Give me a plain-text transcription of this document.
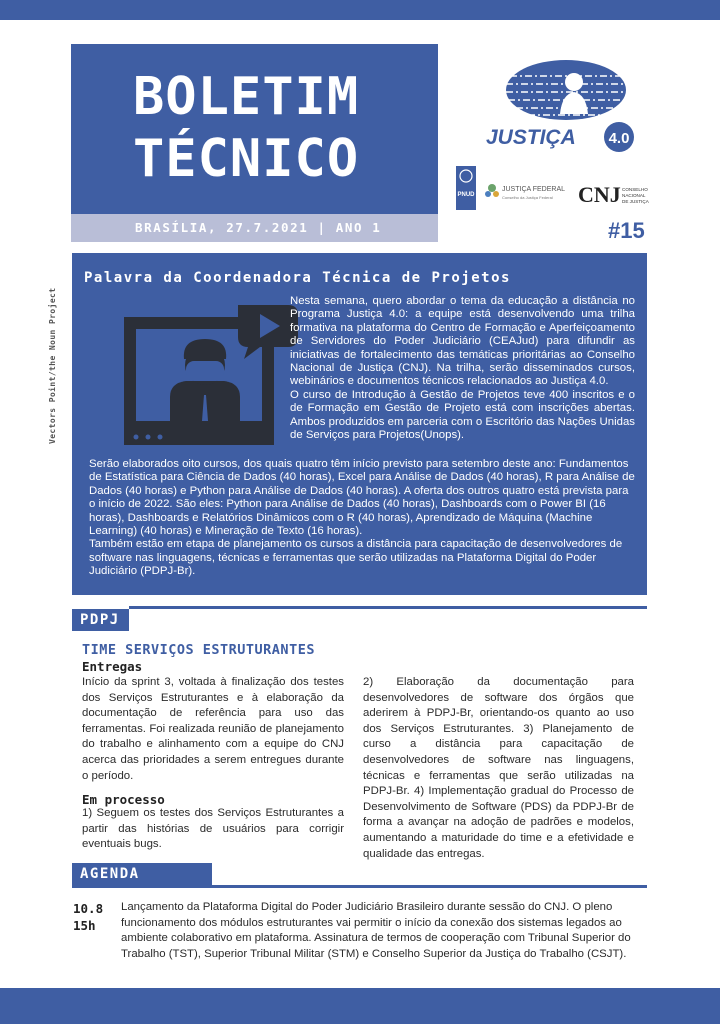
BOLETIM
TÉCNICO
BRASÍLIA, 27.7.2021 | ANO 1
JUSTIÇA 4.0
PNUD
JUSTIÇA FEDERAL
Conselho da Justiça Federal CNJ CONSELHO
NACIONAL
DE JUSTIÇA
#15
Vectors Point/the Noun Project
Palavra da Coordenadora Técnica de Projetos
Nesta semana, quero abordar o tema da educação a distância no Programa Justiça 4.0: a equipe está desenvolvendo uma trilha formativa na plataforma do Centro de Formação e Aperfeiçoamento de Servidores do Poder Judiciário (CEAJud) para difundir as iniciativas de fortalecimento das temáticas prioritárias ao Conselho Nacional de Justiça (CNJ). Na trilha, serão disseminados cursos, webinários e documentos técnicos relacionados ao Justiça 4.0.
O curso de Introdução à Gestão de Projetos teve 400 inscritos e o de Formação em Gestão de Projeto está com inscrições abertas. Ambos produzidos em parceria com o Escritório das Nações Unidas de Serviços para Projetos(Unops).
Serão elaborados oito cursos, dos quais quatro têm início previsto para setembro deste ano: Fundamentos de Estatística para Ciência de Dados (40 horas), Excel para Análise de Dados (40 horas), R para Análise de Dados (40 horas) e Python para Análise de Dados (40 horas). A oferta dos outros quatro está prevista para o início de 2022. São eles: Python para Análise de Dados (40 horas), Dashboards com o Power BI (16 horas), Dashboards e Relatórios Dinâmicos com o R (40 horas), Aprendizado de Máquina (Machine Learning) (40 horas) e Mineração de Texto (16 horas).
Também estão em etapa de planejamento os cursos a distância para capacitação de desenvolvedores de software nas linguagens, técnicas e ferramentas que serão utilizadas na Plataforma Digital do Poder Judiciário (PDPJ-Br).
PDPJ
TIME SERVIÇOS ESTRUTURANTES
Entregas
Início da sprint 3, voltada à finalização dos testes dos Serviços Estruturantes e à elaboração da documentação de referência para uso das ferramentas. Foi realizada reunião de planejamento do trabalho e alinhamento com a equipe do CNJ acerca das prioridades a serem entregues durante o período.
Em processo
1) Seguem os testes dos Serviços Estruturantes a partir das histórias de usuários para corrigir eventuais bugs.
2) Elaboração da documentação para desenvolvedores de software dos órgãos que aderirem à PDPJ-Br, orientando-os quanto ao uso dos Serviços Estruturantes. 3) Planejamento de curso a distância para capacitação de desenvolvedores de software nas linguagens, técnicas e ferramentas que serão utilizadas na PDPJ-Br. 4) Implementação gradual do Processo de Desenvolvimento de Software (PDS) da PDPJ-Br de forma a avançar na adoção de padrões e modelos, aumentando a maturidade do time e a efetividade e qualidade das entregas.
AGENDA
10.8
15h
Lançamento da Plataforma Digital do Poder Judiciário Brasileiro durante sessão do CNJ. O pleno funcionamento dos módulos estruturantes vai permitir o início da conexão dos sistemas legados ao ambiente colaborativo em plataforma. Assinatura de termos de cooperação com Tribunal Superior do Trabalho (TST), Superior Tribunal Militar (STM) e Conselho Superior da Justiça do Trabalho (CSJT).
